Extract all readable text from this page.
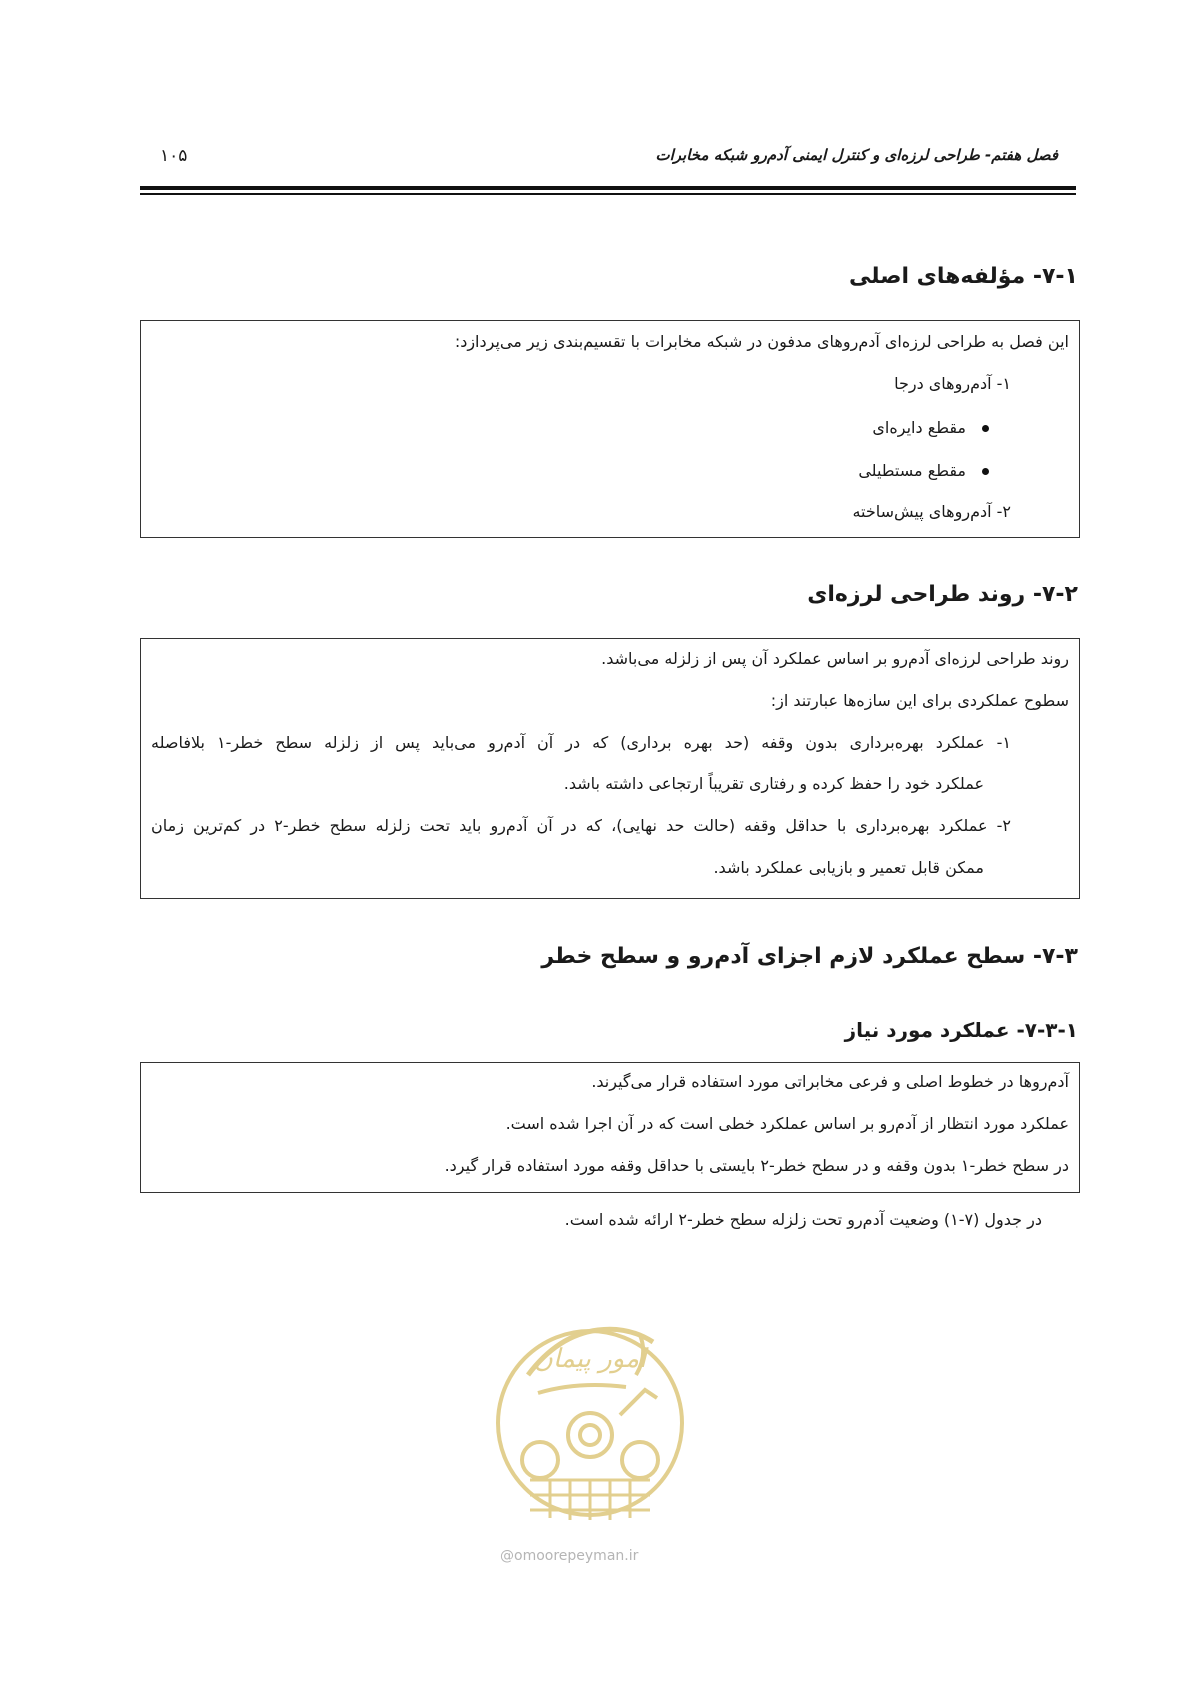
فصل هفتم- طراحی لرزه‌ای و کنترل ایمنی آدم‌رو شبکه مخابرات
۱۰۵
۷-۱- مؤلفه‌های اصلی
این فصل به طراحی لرزه‌ای آدم‌روهای مدفون در شبکه مخابرات با تقسیم‌بندی زیر می‌پردازد:
۱- آدم‌روهای درجا
مقطع دایره‌ای
مقطع مستطیلی
۲- آدم‌روهای پیش‌ساخته
۷-۲- روند طراحی لرزه‌ای
روند طراحی لرزه‌ای آدم‌رو بر اساس عملکرد آن پس از زلزله می‌باشد.
سطوح عملکردی برای این سازه‌ها عبارتند از:
۱- عملکرد بهره‌برداری بدون وقفه (حد بهره برداری) که در آن آدم‌رو می‌باید پس از زلزله سطح خطر-۱ بلافاصله
عملکرد خود را حفظ کرده و رفتاری تقریباً ارتجاعی داشته باشد.
۲- عملکرد بهره‌برداری با حداقل وقفه (حالت حد نهایی)، که در آن آدم‌رو باید تحت زلزله سطح خطر-۲ در کم‌ترین زمان
ممکن قابل تعمیر و بازیابی عملکرد باشد.
۷-۳- سطح عملکرد لازم اجزای آدم‌رو و سطح خطر
۷-۳-۱- عملکرد مورد نیاز
آدم‌روها در خطوط اصلی و فرعی مخابراتی مورد استفاده قرار می‌گیرند.
عملکرد مورد انتظار از آدم‌رو بر اساس عملکرد خطی است که در آن اجرا شده است.
در سطح خطر-۱ بدون وقفه و در سطح خطر-۲ بایستی با حداقل وقفه مورد استفاده قرار گیرد.
در جدول (۷-۱) وضعیت آدم‌رو تحت زلزله سطح خطر-۲ ارائه شده است.
امور پیمان
@omoorepeyman.ir
